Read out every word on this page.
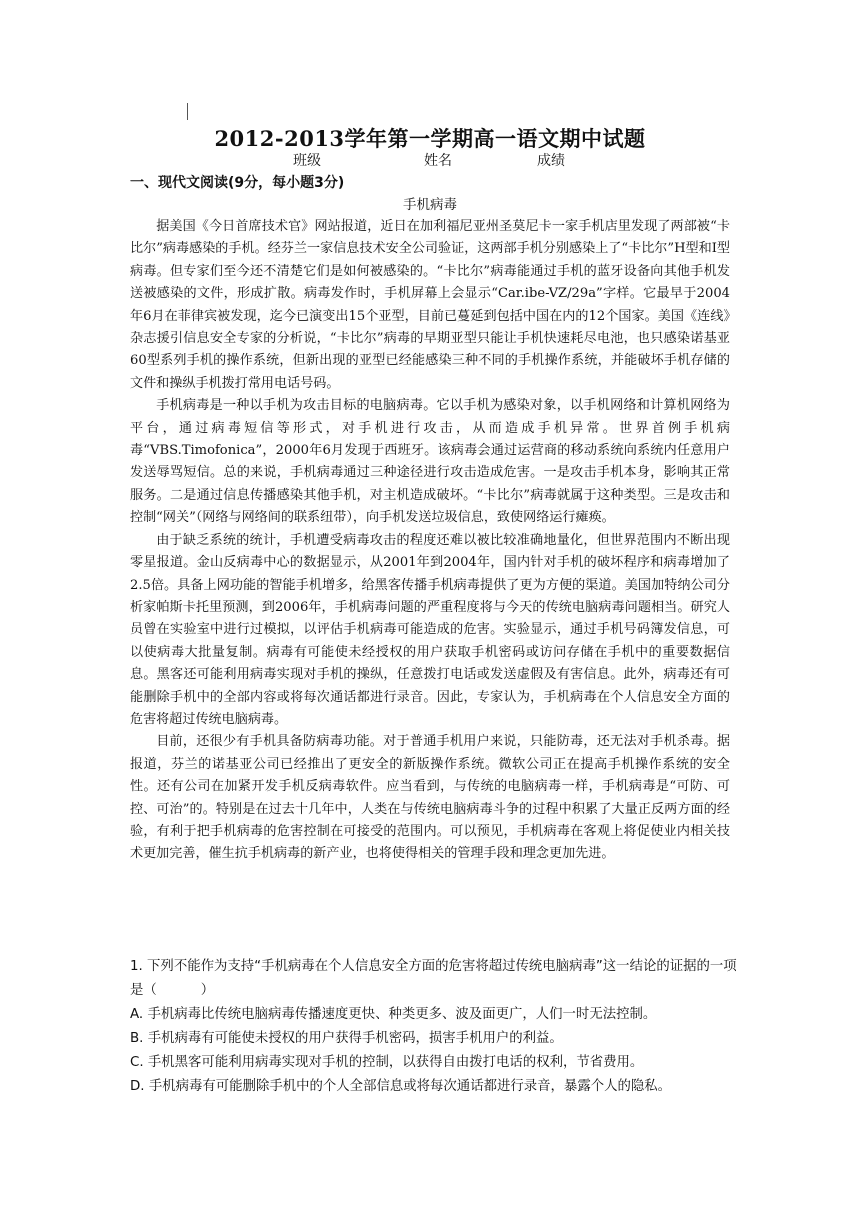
2012-2013学年第一学期高一语文期中试题
班级	姓名	成绩
一、现代文阅读(9分，每小题3分)
手机病毒

据美国《今日首席技术官》网站报道，近日在加利福尼亚州圣莫尼卡一家手机店里发现了两部被“卡比尔”病毒感染的手机。经芬兰一家信息技术安全公司验证，这两部手机分别感染上了“卡比尔”H型和I型病毒。但专家们至今还不清楚它们是如何被感染的。“卡比尔”病毒能通过手机的蓝牙设备向其他手机发送被感染的文件，形成扩散。病毒发作时，手机屏幕上会显示“Car.ibe-VZ/29a”字样。它最早于2004年6月在菲律宾被发现，迄今已演变出15个亚型，目前已蔓延到包括中国在内的12个国家。美国《连线》杂志援引信息安全专家的分析说，“卡比尔”病毒的早期亚型只能让手机快速耗尽电池，也只感染诺基亚60型系列手机的操作系统，但新出现的亚型已经能感染三种不同的手机操作系统，并能破坏手机存储的文件和操纵手机拨打常用电话号码。

手机病毒是一种以手机为攻击目标的电脑病毒。它以手机为感染对象，以手机网络和计算机网络为平台，通过病毒短信等形式，对手机进行攻击，从而造成手机异常。世界首例手机病毒“VBS.Timofonica”，2000年6月发现于西班牙。该病毒会通过运营商的移动系统向系统内任意用户发送辱骂短信。总的来说，手机病毒通过三种途径进行攻击造成危害。一是攻击手机本身，影响其正常服务。二是通过信息传播感染其他手机，对主机造成破坏。“卡比尔”病毒就属于这种类型。三是攻击和控制“网关”（网络与网络间的联系纽带），向手机发送垃圾信息，致使网络运行瘫痪。

由于缺乏系统的统计，手机遭受病毒攻击的程度还难以被比较准确地量化，但世界范围内不断出现零星报道。金山反病毒中心的数据显示，从2001年到2004年，国内针对手机的破坏程序和病毒增加了2.5倍。具备上网功能的智能手机增多，给黑客传播手机病毒提供了更为方便的渠道。美国加特纳公司分析家帕斯卡托里预测，到2006年，手机病毒问题的严重程度将与今天的传统电脑病毒问题相当。研究人员曾在实验室中进行过模拟，以评估手机病毒可能造成的危害。实验显示，通过手机号码簿发信息，可以使病毒大批量复制。病毒有可能使未经授权的用户获取手机密码或访问存储在手机中的重要数据信息。黑客还可能利用病毒实现对手机的操纵，任意拨打电话或发送虚假及有害信息。此外，病毒还有可能删除手机中的全部内容或将每次通话都进行录音。因此，专家认为，手机病毒在个人信息安全方面的危害将超过传统电脑病毒。

目前，还很少有手机具备防病毒功能。对于普通手机用户来说，只能防毒，还无法对手机杀毒。据报道，芬兰的诺基亚公司已经推出了更安全的新版操作系统。微软公司正在提高手机操作系统的安全性。还有公司在加紧开发手机反病毒软件。应当看到，与传统的电脑病毒一样，手机病毒是“可防、可控、可治”的。特别是在过去十几年中，人类在与传统电脑病毒斗争的过程中积累了大量正反两方面的经验，有利于把手机病毒的危害控制在可接受的范围内。可以预见，手机病毒在客观上将促使业内相关技术更加完善，催生抗手机病毒的新产业，也将使得相关的管理手段和理念更加先进。

1. 下列不能作为支持“手机病毒在个人信息安全方面的危害将超过传统电脑病毒”这一结论的证据的一项是（	）

A. 手机病毒比传统电脑病毒传播速度更快、种类更多、波及面更广，人们一时无法控制。

B. 手机病毒有可能使未授权的用户获得手机密码，损害手机用户的利益。

C. 手机黑客可能利用病毒实现对手机的控制，以获得自由拨打电话的权利，节省费用。

D. 手机病毒有可能删除手机中的个人全部信息或将每次通话都进行录音，暴露个人的隐私。
